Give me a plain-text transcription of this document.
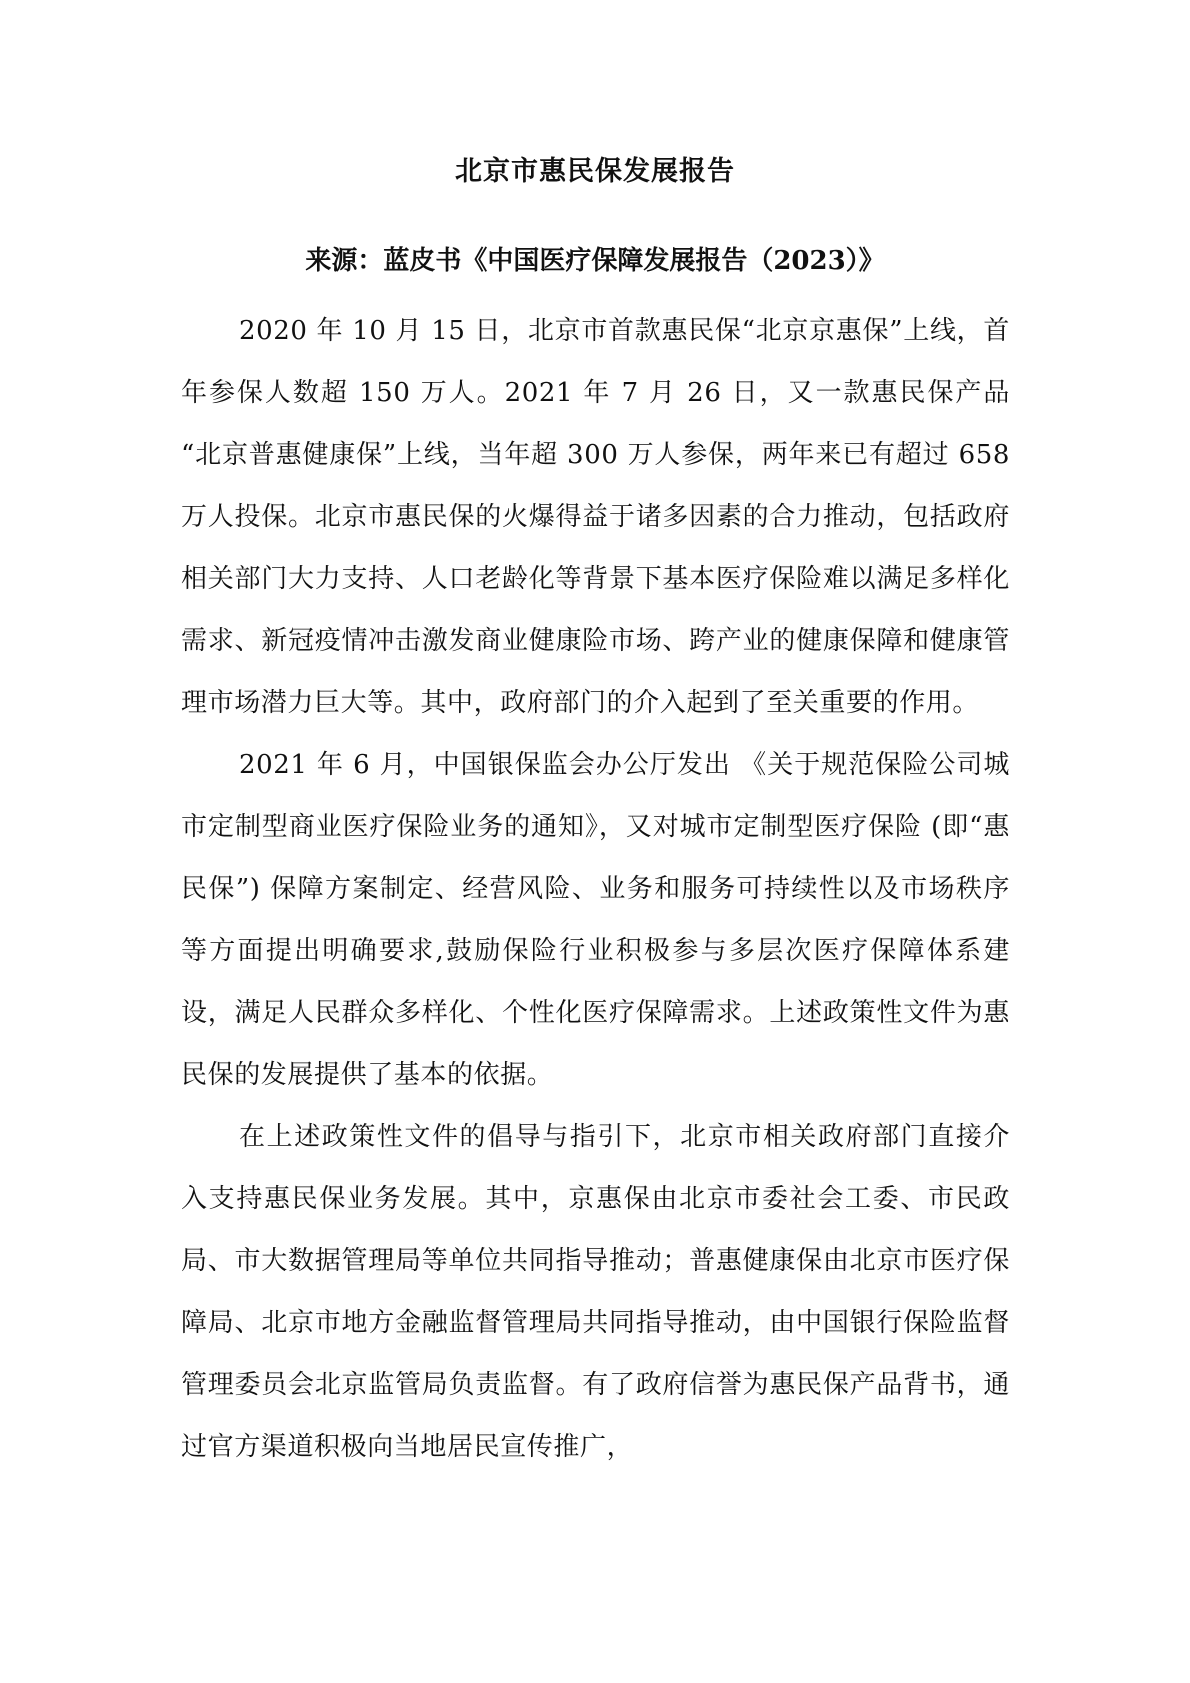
北京市惠民保发展报告
来源：蓝皮书《中国医疗保障发展报告（2023）》

2020 年 10 月 15 日，北京市首款惠民保“北京京惠保”上线，首年参保人数超 150 万人。2021 年 7 月 26 日，又一款惠民保产品 “北京普惠健康保”上线，当年超 300 万人参保，两年来已有超过 658 万人投保。北京市惠民保的火爆得益于诸多因素的合力推动，包括政府相关部门大力支持、人口老龄化等背景下基本医疗保险难以满足多样化需求、新冠疫情冲击激发商业健康险市场、跨产业的健康保障和健康管理市场潜力巨大等。其中，政府部门的介入起到了至关重要的作用。

2021 年 6 月，中国银保监会办公厅发出 《关于规范保险公司城市定制型商业医疗保险业务的通知》，又对城市定制型医疗保险 (即“惠民保”) 保障方案制定、经营风险、业务和服务可持续性以及市场秩序等方面提出明确要求,鼓励保险行业积极参与多层次医疗保障体系建设，满足人民群众多样化、个性化医疗保障需求。上述政策性文件为惠民保的发展提供了基本的依据。

在上述政策性文件的倡导与指引下，北京市相关政府部门直接介入支持惠民保业务发展。其中，京惠保由北京市委社会工委、市民政局、市大数据管理局等单位共同指导推动；普惠健康保由北京市医疗保障局、北京市地方金融监督管理局共同指导推动，由中国银行保险监督管理委员会北京监管局负责监督。有了政府信誉为惠民保产品背书，通过官方渠道积极向当地居民宣传推广，
